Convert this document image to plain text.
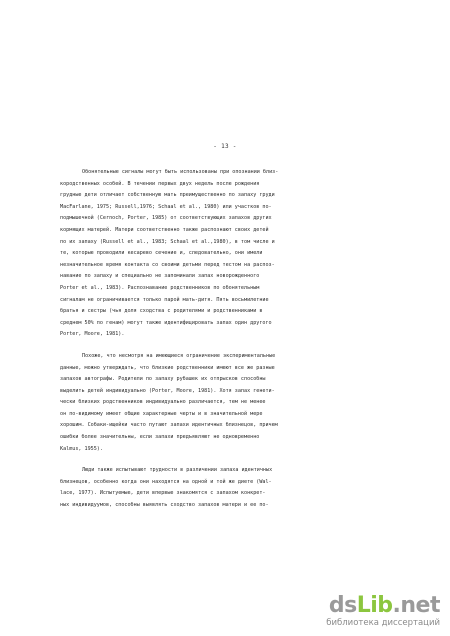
- 13 -
Обонятельные сигналы могут быть использованы при опознании близ-
кородственных особей. В течении первых двух недель после рождения
грудные дети отличает собственную мать преимущественно по запаху груди
MacFarlane, 1975; Russell,1976; Schaal et al., 1980) или участков по-
подмышечной (Cernoch, Porter, 1985) от соответствующих запахов других
кормящих матерей. Матери соответственно также распознают своих детей
по их запаху (Russell et al., 1983; Schaal et al.,1980), в том числе и
те, которые проводили кесарево сечение и, следовательно, они имели
незначительное время контакта со своими детьми перед тестом на распоз-
навание по запаху и специально не запоминали запах новорожденного
Porter et al., 1983). Распознавание родственников по обонятельным
сигналам не ограничивается только парой мать-дитя. Пять восьмилетние
братья и сестры (чья доля сходства с родителями и родственниками в
среднем 50% по генам) могут также идентифицировать запах один другого
Porter, Moore, 1981).
Похоже, что несмотря на имеющиеся ограничение экспериментальные
данные, можно утверждать, что близкие родственники имеют все же разные
запахов автографы. Родители по запаху рубашек их отпрысков способны
выделить детей индивидуально (Porter, Moore, 1981). Хотя запах генети-
чески близких родственников индивидуально различается, тем не менее
он по-видимому имеет общие характерные черты и в значительной мере
хорошим. Собаки-ищейки часто путают запахи идентичных близнецов, причем
ошибки более значительны, если запахи предъявляют не одновременно
Kalmus, 1955).
Люди также испытывают трудности в различении запаха идентичных
близнецов, особенно когда они находятся на одной и той же диете (Wal-
lace, 1977). Испытуемые, дети впервые знакомятся с запахом конкрет-
ных индивидуумов, способны выявлять сходство запахов матери и ее по-
dsLib.net
библиотека диссертаций
